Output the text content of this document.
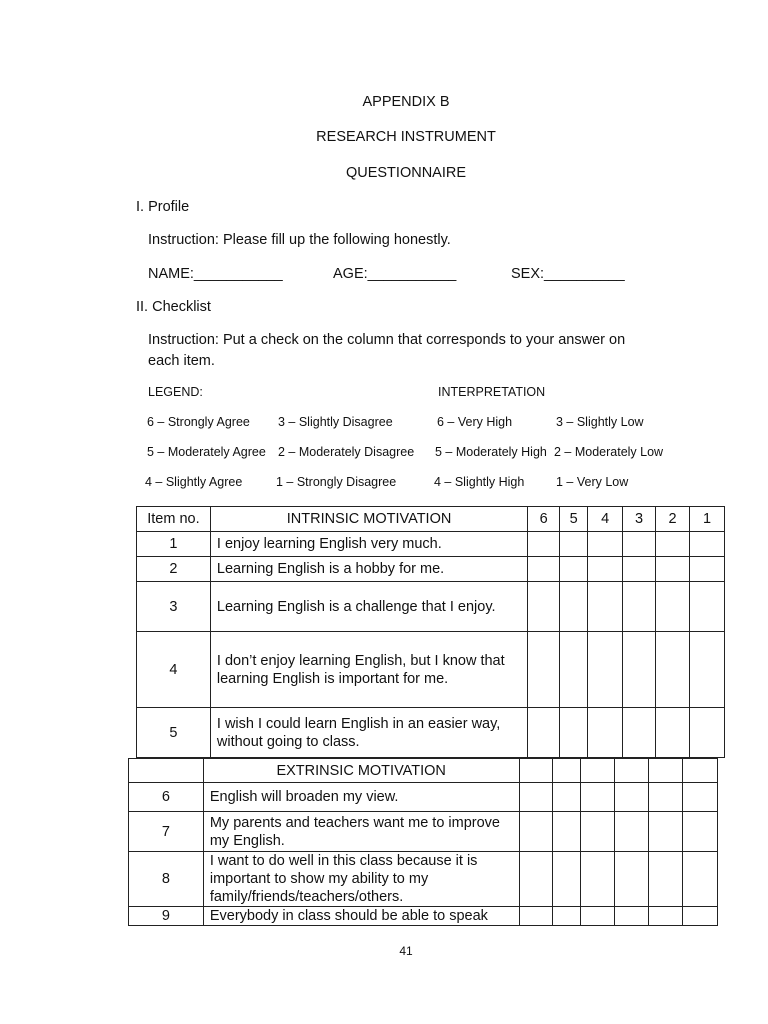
APPENDIX B
RESEARCH INSTRUMENT
QUESTIONNAIRE
I. Profile
Instruction: Please fill up the following honestly.
NAME:___________	AGE:___________	SEX:__________
II. Checklist
Instruction: Put a check on the column that corresponds to your answer on
each item.
LEGEND:
6 – Strongly Agree 3 – Slightly Disagree
5 – Moderately Agree 2 – Moderately Disagree
4 – Slightly Agree	1 – Strongly Disagree
INTERPRETATION
6 – Very High	3 – Slightly Low
5 – Moderately High 2 – Moderately Low
4 – Slightly High	1 – Very Low
Item no.	INTRINSIC MOTIVATION	6	5	4	3	2	1
1	I enjoy learning English very much.						

2	Learning English is a hobby for me.						

3	Learning English is a challenge that I enjoy.						

4	I don’t enjoy learning English, but I know that
learning English is important for me.						

5	I wish I could learn English in an easier way,
without going to class.						

	EXTRINSIC MOTIVATION						
6	English will broaden my view.						

7	My parents and teachers want me to improve
my English.						

8	I want to do well in this class because it is
important to show my ability to my
family/friends/teachers/others.						

9	Everybody in class should be able to speak						

41
